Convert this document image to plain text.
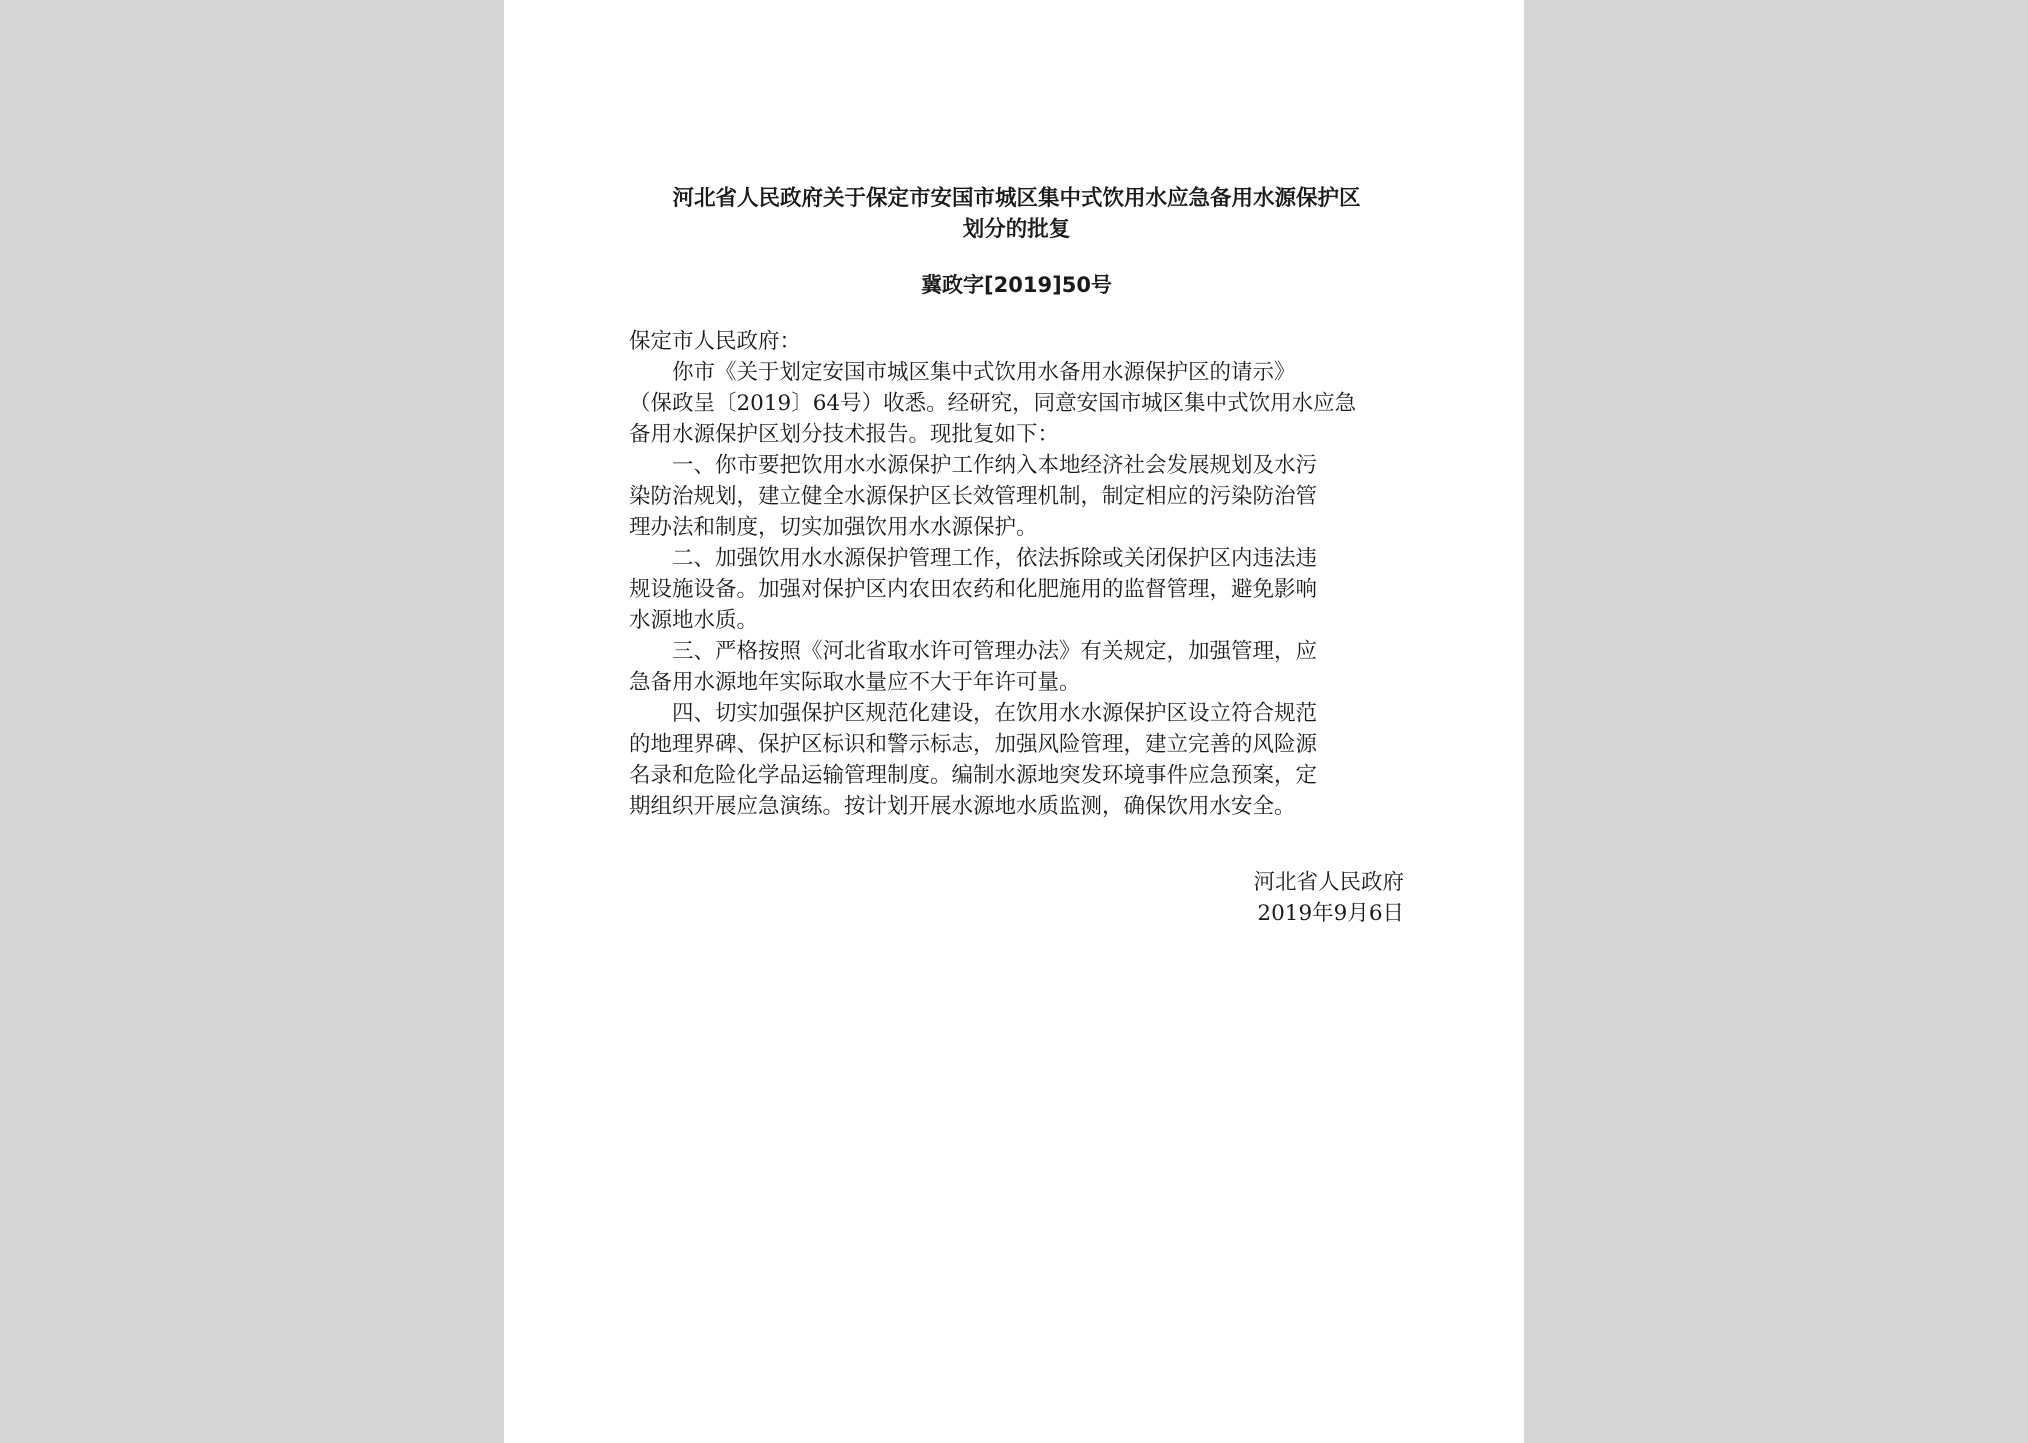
河北省人民政府关于保定市安国市城区集中式饮用水应急备用水源保护区
划分的批复
冀政字[2019]50号
保定市人民政府：
　　你市《关于划定安国市城区集中式饮用水备用水源保护区的请示》
（保政呈〔2019〕64号）收悉。经研究，同意安国市城区集中式饮用水应急
备用水源保护区划分技术报告。现批复如下：
　　一、你市要把饮用水水源保护工作纳入本地经济社会发展规划及水污
染防治规划，建立健全水源保护区长效管理机制，制定相应的污染防治管
理办法和制度，切实加强饮用水水源保护。
　　二、加强饮用水水源保护管理工作，依法拆除或关闭保护区内违法违
规设施设备。加强对保护区内农田农药和化肥施用的监督管理，避免影响
水源地水质。
　　三、严格按照《河北省取水许可管理办法》有关规定，加强管理，应
急备用水源地年实际取水量应不大于年许可量。
　　四、切实加强保护区规范化建设，在饮用水水源保护区设立符合规范
的地理界碑、保护区标识和警示标志，加强风险管理，建立完善的风险源
名录和危险化学品运输管理制度。编制水源地突发环境事件应急预案，定
期组织开展应急演练。按计划开展水源地水质监测，确保饮用水安全。
河北省人民政府
2019年9月6日
